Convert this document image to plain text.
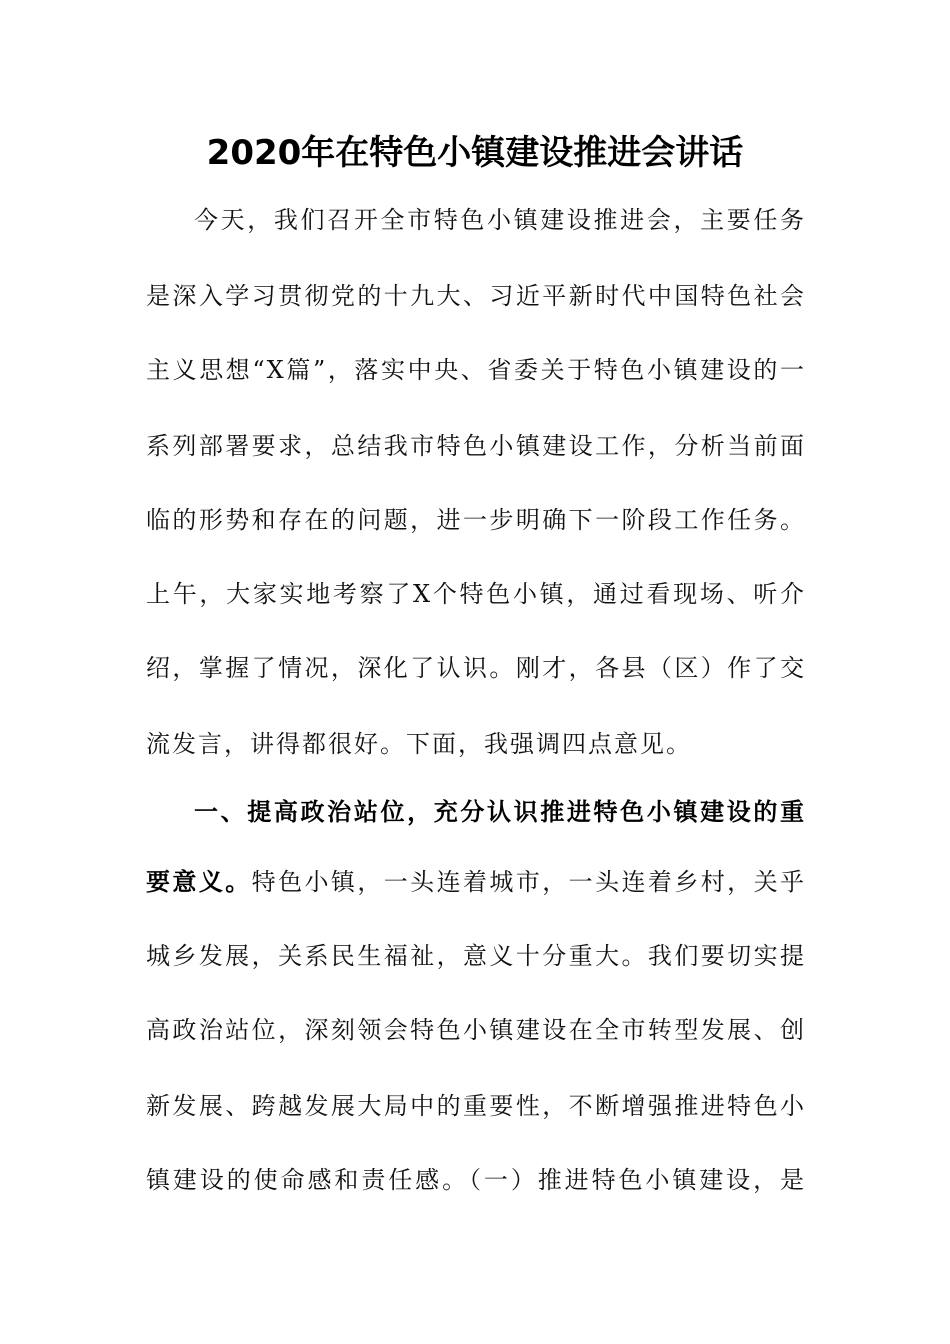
2020年在特色小镇建设推进会讲话
今天，我们召开全市特色小镇建设推进会，主要任务
是深入学习贯彻党的十九大、习近平新时代中国特色社会
主义思想“X篇”，落实中央、省委关于特色小镇建设的一
系列部署要求，总结我市特色小镇建设工作，分析当前面
临的形势和存在的问题，进一步明确下一阶段工作任务。
上午，大家实地考察了X个特色小镇，通过看现场、听介
绍，掌握了情况，深化了认识。刚才，各县（区）作了交
流发言，讲得都很好。下面，我强调四点意见。
一、提高政治站位，充分认识推进特色小镇建设的重
要意义。特色小镇，一头连着城市，一头连着乡村，关乎
城乡发展，关系民生福祉，意义十分重大。我们要切实提
高政治站位，深刻领会特色小镇建设在全市转型发展、创
新发展、跨越发展大局中的重要性，不断增强推进特色小
镇建设的使命感和责任感。（一）推进特色小镇建设，是
